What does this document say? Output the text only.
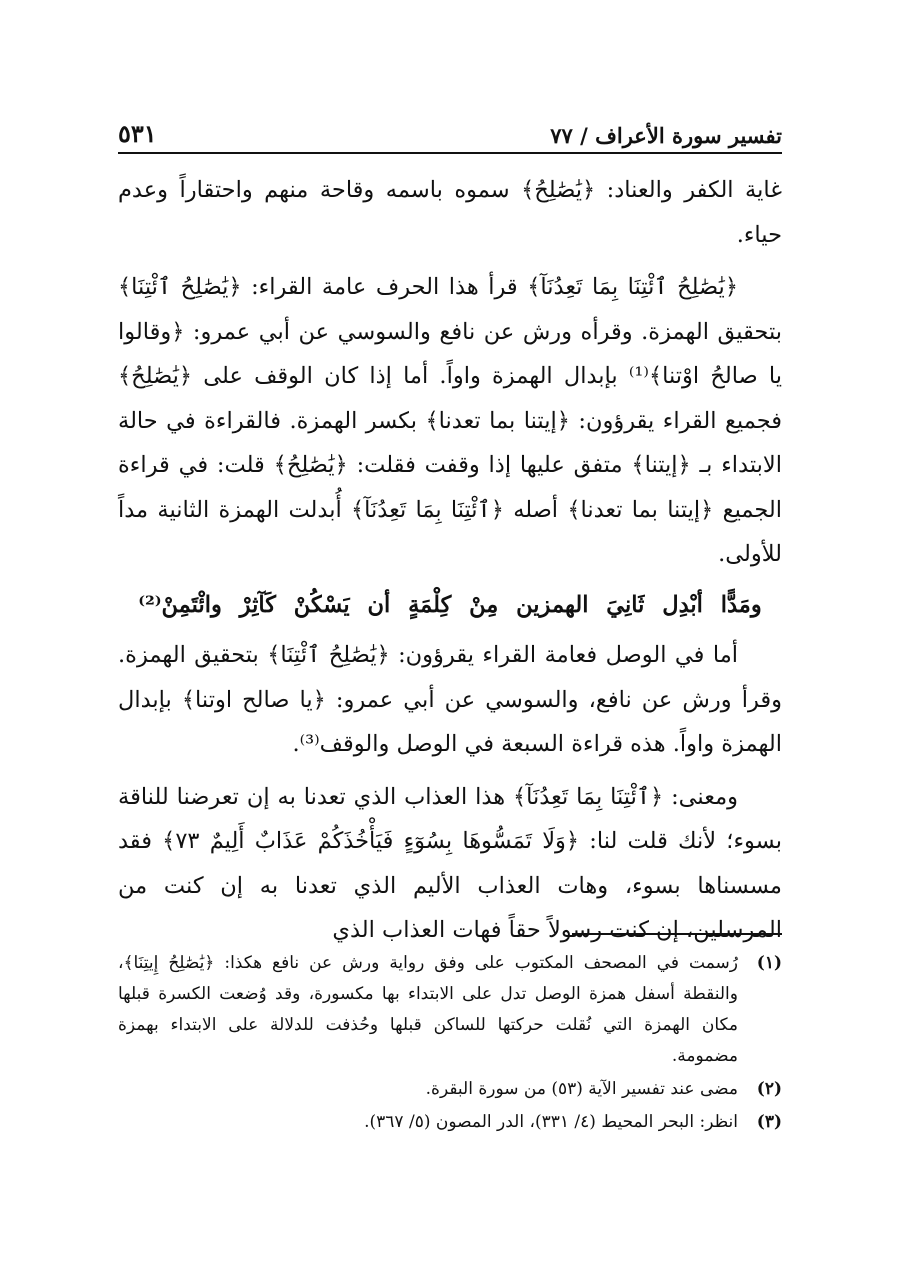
تفسير سورة الأعراف / ٧٧
٥٣١

غاية الكفر والعناد: ﴿يَٰصَٰلِحُ﴾ سموه باسمه وقاحة منهم واحتقاراً وعدم حياء.

﴿يَٰصَٰلِحُ ٱئْتِنَا بِمَا تَعِدُنَآ﴾ قرأ هذا الحرف عامة القراء: ﴿يَٰصَٰلِحُ ٱئْتِنَا﴾ بتحقيق الهمزة. وقرأه ورش عن نافع والسوسي عن أبي عمرو: ﴿وقالوا يا صالحُ اوْتنا﴾⁽¹⁾ بإبدال الهمزة واواً. أما إذا كان الوقف على ﴿يَٰصَٰلِحُ﴾ فجميع القراء يقرؤون: ﴿إيتنا بما تعدنا﴾ بكسر الهمزة. فالقراءة في حالة الابتداء بـ ﴿إيتنا﴾ متفق عليها إذا وقفت فقلت: ﴿يَٰصَٰلِحُ﴾ قلت: في قراءة الجميع ﴿إيتنا بما تعدنا﴾ أصله ﴿ٱئْتِنَا بِمَا تَعِدُنَآ﴾ أُبدلت الهمزة الثانية مداً للأولى.

ومَدًّا أبْدِل ثَانِيَ الهمزين مِنْ كِلْمَةٍ أن يَسْكُنْ كَآثِرْ وائْتَمِنْ⁽²⁾

أما في الوصل فعامة القراء يقرؤون: ﴿يَٰصَٰلِحُ ٱئْتِنَا﴾ بتحقيق الهمزة. وقرأ ورش عن نافع، والسوسي عن أبي عمرو: ﴿يا صالح اوتنا﴾ بإبدال الهمزة واواً. هذه قراءة السبعة في الوصل والوقف⁽³⁾.

ومعنى: ﴿ٱئْتِنَا بِمَا تَعِدُنَآ﴾ هذا العذاب الذي تعدنا به إن تعرضنا للناقة بسوء؛ لأنك قلت لنا: ﴿وَلَا تَمَسُّوهَا بِسُوٓءٍ فَيَأْخُذَكُمْ عَذَابٌ أَلِيمٌ ٧٣﴾ فقد مسسناها بسوء، وهات العذاب الأليم الذي تعدنا به إن كنت من المرسلين، إن كنت رسولاً حقاً فهات العذاب الذي

(١)
رُسمت في المصحف المكتوب على وفق رواية ورش عن نافع هكذا: ﴿يَٰصَٰلِحُ إِيتِنَا﴾، والنقطة أسفل همزة الوصل تدل على الابتداء بها مكسورة، وقد وُضعت الكسرة قبلها مكان الهمزة التي نُقلت حركتها للساكن قبلها وحُذفت للدلالة على الابتداء بهمزة مضمومة.
(٢)
مضى عند تفسير الآية (٥٣) من سورة البقرة.
(٣)
انظر: البحر المحيط (٤/ ٣٣١)، الدر المصون (٥/ ٣٦٧).
